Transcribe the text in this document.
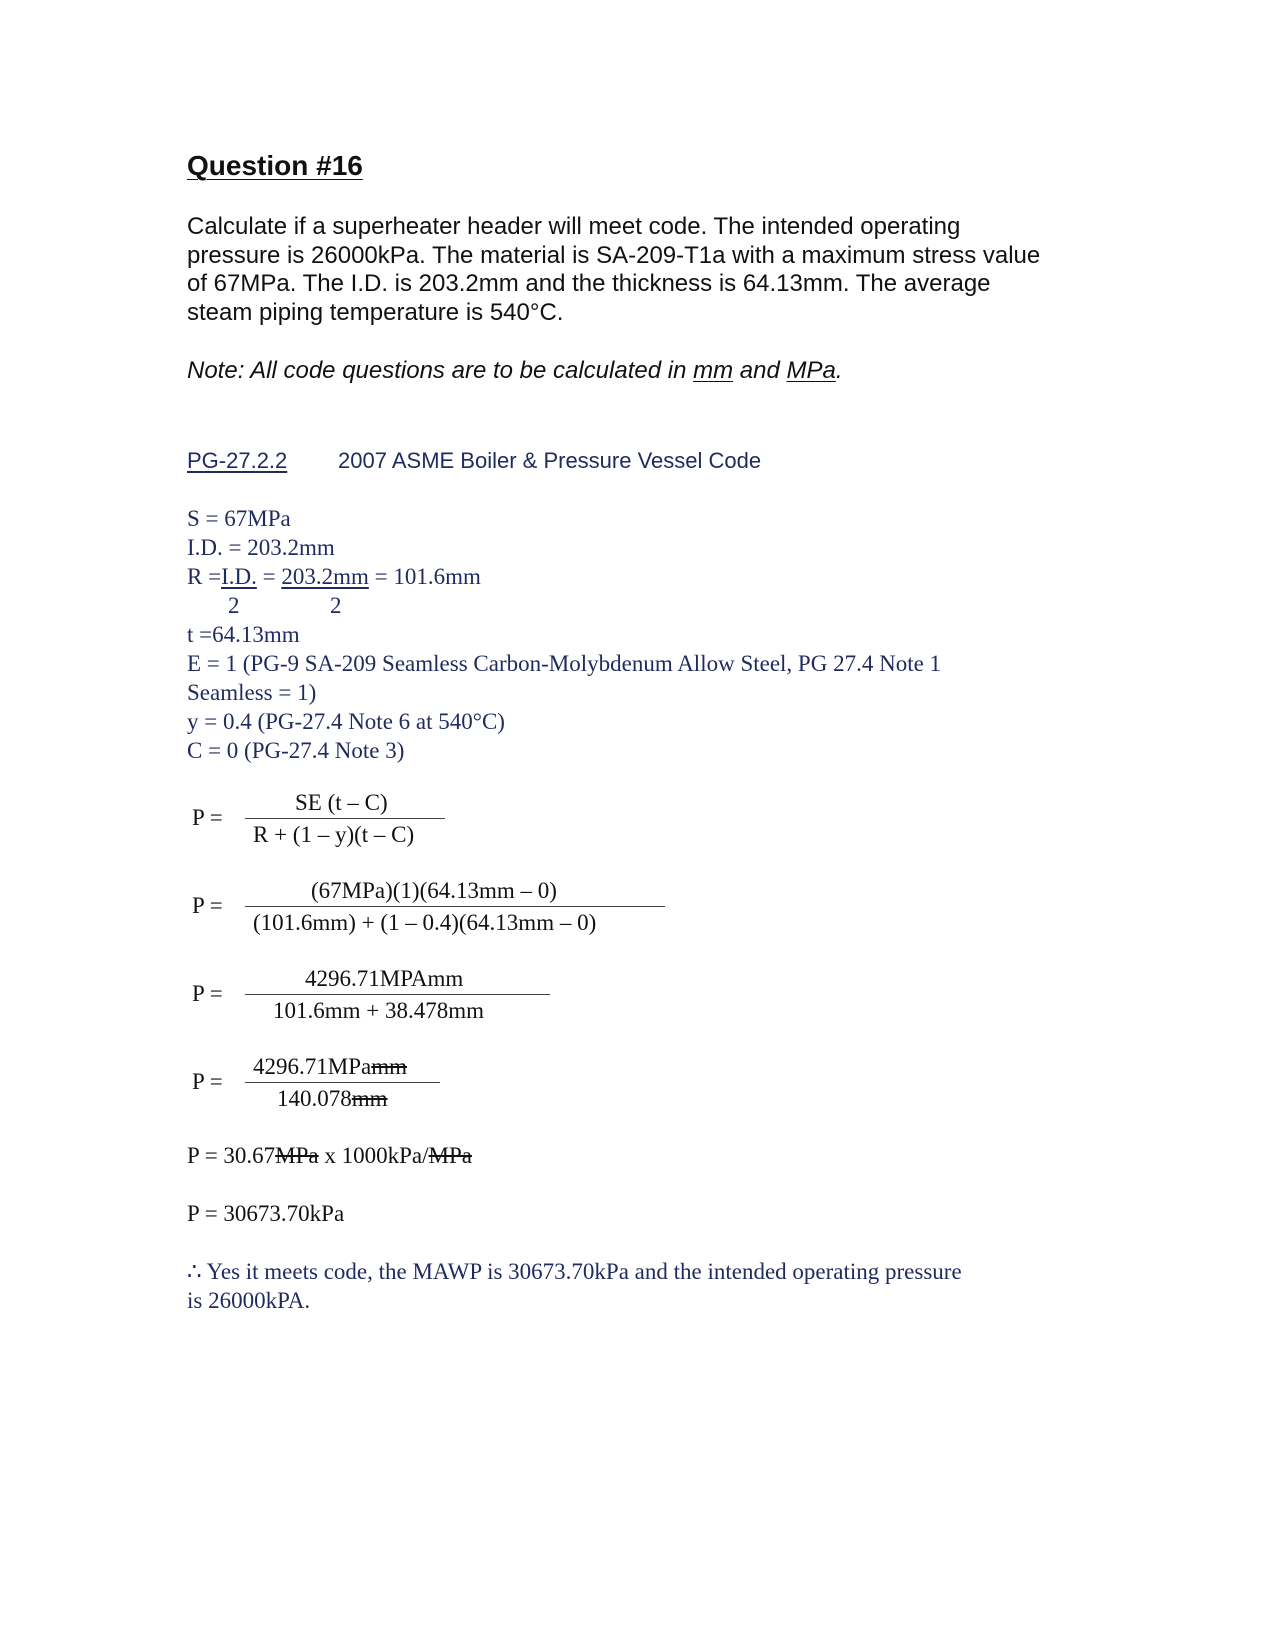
Question #16

Calculate if a superheater header will meet code. The intended operating

pressure is 26000kPa. The material is SA-209-T1a with a maximum stress value

of 67MPa. The I.D. is 203.2mm and the thickness is 64.13mm. The average

steam piping temperature is 540°C.

Note: All code questions are to be calculated in mm and MPa.
PG-27.2.2 2007 ASME Boiler & Pressure Vessel Code
S = 67MPa
I.D. = 203.2mm
R =I.D. = 203.2mm = 101.6mm
2	2
t =64.13mm
E = 1 (PG-9 SA-209 Seamless Carbon-Molybdenum Allow Steel, PG 27.4 Note 1
Seamless = 1)
y = 0.4 (PG-27.4 Note 6 at 540°C)
C = 0 (PG-27.4 Note 3)
P =
SE (t – C)
R + (1 – y)(t – C)
P =
(67MPa)(1)(64.13mm – 0)
(101.6mm) + (1 – 0.4)(64.13mm – 0)
P =
4296.71MPAmm
101.6mm + 38.478mm
P =
4296.71MPamm
140.078mm
P = 30.67MPa x 1000kPa/MPa
P = 30673.70kPa
∴ Yes it meets code, the MAWP is 30673.70kPa and the intended operating pressure
is 26000kPA.
